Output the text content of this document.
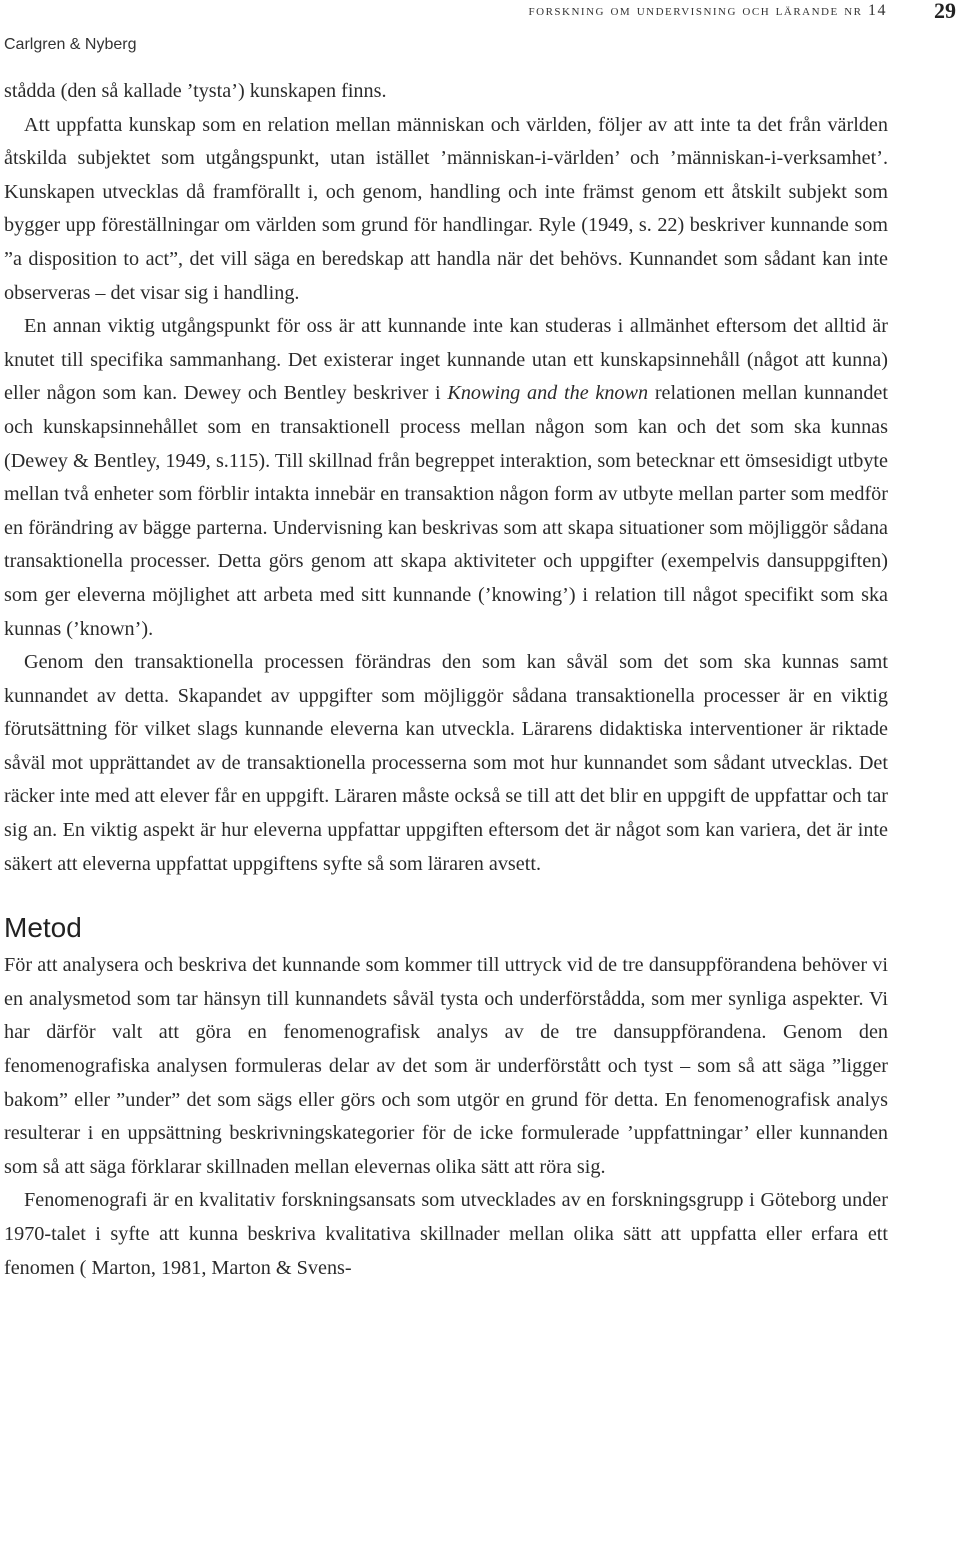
forskning om undervisning och lärande nr 14 29
Carlgren & Nyberg

stådda (den så kallade ’tysta’) kunskapen finns.

Att uppfatta kunskap som en relation mellan människan och världen, följer av att inte ta det från världen åtskilda subjektet som utgångspunkt, utan istället ’människan-i-världen’ och ’människan-i-verksamhet’. Kunskapen utvecklas då framförallt i, och genom, handling och inte främst genom ett åtskilt subjekt som bygger upp föreställningar om världen som grund för handlingar. Ryle (1949, s. 22) beskriver kunnande som ”a disposition to act”, det vill säga en beredskap att handla när det behövs. Kunnandet som sådant kan inte observeras – det visar sig i handling.

En annan viktig utgångspunkt för oss är att kunnande inte kan studeras i allmänhet eftersom det alltid är knutet till specifika sammanhang. Det existerar inget kunnande utan ett kunskapsinnehåll (något att kunna) eller någon som kan. Dewey och Bentley beskriver i Knowing and the known relationen mellan kunnandet och kunskapsinnehållet som en transaktionell process mellan någon som kan och det som ska kunnas (Dewey & Bentley, 1949, s.115). Till skillnad från begreppet interaktion, som betecknar ett ömsesidigt utbyte mellan två enheter som förblir intakta innebär en transaktion någon form av utbyte mellan parter som medför en förändring av bägge parterna. Undervisning kan beskrivas som att skapa situationer som möjliggör sådana transaktionella processer. Detta görs genom att skapa aktiviteter och uppgifter (exempelvis dansuppgiften) som ger eleverna möjlighet att arbeta med sitt kunnande (’knowing’) i relation till något specifikt som ska kunnas (’known’).

Genom den transaktionella processen förändras den som kan såväl som det som ska kunnas samt kunnandet av detta. Skapandet av uppgifter som möjliggör sådana transaktionella processer är en viktig förutsättning för vilket slags kunnande eleverna kan utveckla. Lärarens didaktiska interventioner är riktade såväl mot upprättandet av de transaktionella processerna som mot hur kunnandet som sådant utvecklas. Det räcker inte med att elever får en uppgift. Läraren måste också se till att det blir en uppgift de uppfattar och tar sig an. En viktig aspekt är hur eleverna uppfattar uppgiften eftersom det är något som kan variera, det är inte säkert att eleverna uppfattat uppgiftens syfte så som läraren avsett.

Metod

För att analysera och beskriva det kunnande som kommer till uttryck vid de tre dansuppförandena behöver vi en analysmetod som tar hänsyn till kunnandets såväl tysta och underförstådda, som mer synliga aspekter. Vi har därför valt att göra en fenomenografisk analys av de tre dansuppförandena. Genom den fenomenografiska analysen formuleras delar av det som är underförstått och tyst – som så att säga ”ligger bakom” eller ”under” det som sägs eller görs och som utgör en grund för detta. En fenomenografisk analys resulterar i en uppsättning beskrivningskategorier för de icke formulerade ’uppfattningar’ eller kunnanden som så att säga förklarar skillnaden mellan elevernas olika sätt att röra sig.

Fenomenografi är en kvalitativ forskningsansats som utvecklades av en forskningsgrupp i Göteborg under 1970-talet i syfte att kunna beskriva kvalitativa skillnader mellan olika sätt att uppfatta eller erfara ett fenomen ( Marton, 1981, Marton & Svens-
